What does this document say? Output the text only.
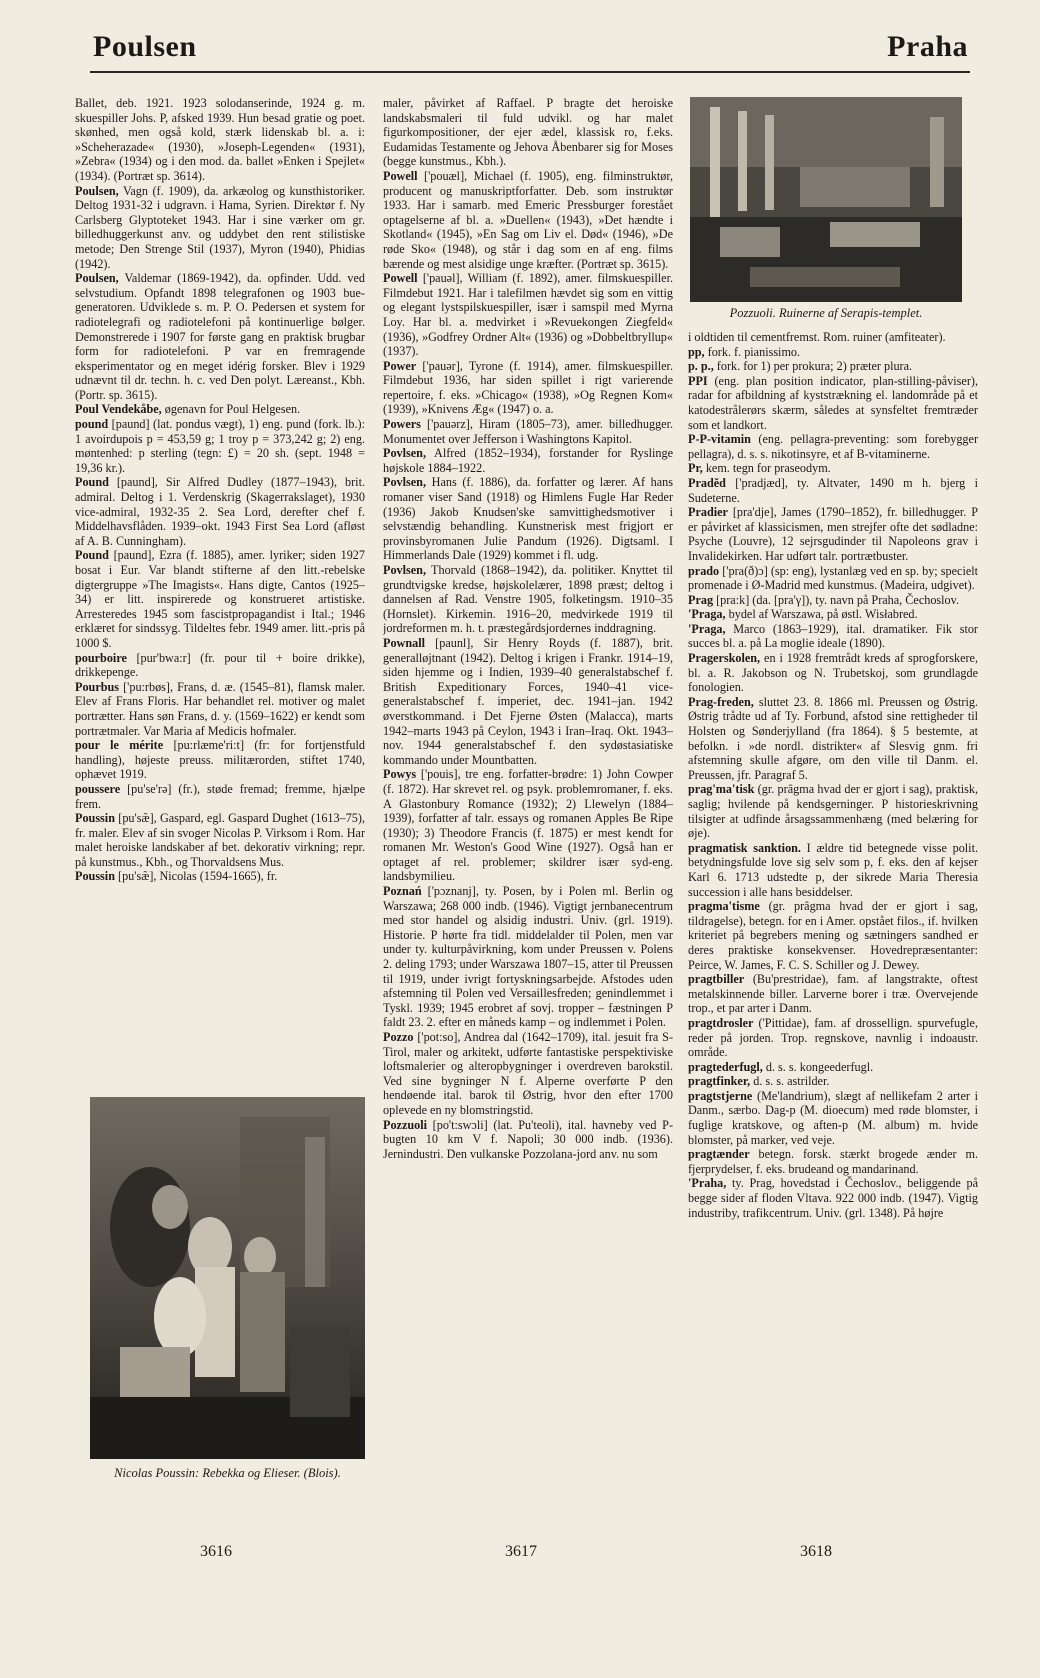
Poulsen	Praha

Ballet, deb. 1921. 1923 solodanserinde, 1924 g. m. skuespiller Johs. P, afsked 1939. Hun besad gratie og poet. skønhed, men også kold, stærk lidenskab bl. a. i: »Scheherazade« (1930), »Joseph-Legenden« (1931), »Zebra« (1934) og i den mod. da. ballet »Enken i Spejlet« (1934). (Portræt sp. 3614).

Poulsen, Vagn (f. 1909), da. arkæolog og kunsthistoriker. Deltog 1931-32 i udgravn. i Hama, Syrien. Direktør f. Ny Carlsberg Glyptoteket 1943. Har i sine værker om gr. billedhuggerkunst anv. og uddybet den rent stilistiske metode; Den Strenge Stil (1937), Myron (1940), Phidias (1942).

Poulsen, Valdemar (1869-1942), da. opfinder. Udd. ved selvstudium. Opfandt 1898 telegrafonen og 1903 bue-generatoren. Udviklede s. m. P. O. Pedersen et system for radiotelegrafi og radiotelefoni på kontinuerlige bølger. Demonstrerede i 1907 for første gang en praktisk brugbar form for radiotelefoni. P var en fremragende eksperimentator og en meget idérig forsker. Blev i 1929 udnævnt til dr. techn. h. c. ved Den polyt. Læreanst., Kbh. (Portr. sp. 3615).

Poul Vendekåbe, øgenavn for Poul Helgesen.

pound [paund] (lat. pondus vægt), 1) eng. pund (fork. lb.): 1 avoirdupois p = 453,59 g; 1 troy p = 373,242 g; 2) eng. møntenhed: p sterling (tegn: £) = 20 sh. (sept. 1948 = 19,36 kr.).

Pound [paund], Sir Alfred Dudley (1877–1943), brit. admiral. Deltog i 1. Verdenskrig (Skagerrakslaget), 1930 vice-admiral, 1932-35 2. Sea Lord, derefter chef f. Middelhavsflåden. 1939–okt. 1943 First Sea Lord (afløst af A. B. Cunningham).

Pound [paund], Ezra (f. 1885), amer. lyriker; siden 1927 bosat i Eur. Var blandt stifterne af den litt.-rebelske digtergruppe »The Imagists«. Hans digte, Cantos (1925–34) er litt. inspirerede og konstrueret artistiske. Arresteredes 1945 som fascistpropagandist i Ital.; 1946 erklæret for sindssyg. Tildeltes febr. 1949 amer. litt.-pris på 1000 $.

pourboire [pur'bwa:r] (fr. pour til + boire drikke), drikkepenge.

Pourbus ['pu:rbøs], Frans, d. æ. (1545–81), flamsk maler. Elev af Frans Floris. Har behandlet rel. motiver og malet portrætter. Hans søn Frans, d. y. (1569–1622) er kendt som portrætmaler. Var Maria af Medicis hofmaler.

pour le mérite [pu:rlæme'ri:t] (fr: for fortjenstfuld handling), højeste preuss. militærorden, stiftet 1740, ophævet 1919.

poussere [pu'se'rə] (fr.), støde fremad; fremme, hjælpe frem.

Poussin [pu'sæ̃], Gaspard, egl. Gaspard Dughet (1613–75), fr. maler. Elev af sin svoger Nicolas P. Virksom i Rom. Har malet heroiske landskaber af bet. dekorativ virkning; repr. på kunstmus., Kbh., og Thorvaldsens Mus.

Poussin [pu'sæ̃], Nicolas (1594-1665), fr.

maler, påvirket af Raffael. P bragte det heroiske landskabsmaleri til fuld udvikl. og har malet figurkompositioner, der ejer ædel, klassisk ro, f.eks. Eudamidas Testamente og Jehova Åbenbarer sig for Moses (begge kunstmus., Kbh.).

Powell ['pouæl], Michael (f. 1905), eng. filminstruktør, producent og manuskriptforfatter. Deb. som instruktør 1933. Har i samarb. med Emeric Pressburger forestået optagelserne af bl. a. »Duellen« (1943), »Det hændte i Skotland« (1945), »En Sag om Liv el. Død« (1946), »De røde Sko« (1948), og står i dag som en af eng. films bærende og mest alsidige unge kræfter. (Portræt sp. 3615).

Powell ['pauəl], William (f. 1892), amer. filmskuespiller. Filmdebut 1921. Har i talefilmen hævdet sig som en vittig og elegant lystspilskuespiller, især i samspil med Myrna Loy. Har bl. a. medvirket i »Revuekongen Ziegfeld« (1936), »Godfrey Ordner Alt« (1936) og »Dobbeltbryllup« (1937).

Power ['pauər], Tyrone (f. 1914), amer. filmskuespiller. Filmdebut 1936, har siden spillet i rigt varierende repertoire, f. eks. »Chicago« (1938), »Og Regnen Kom« (1939), »Knivens Æg« (1947) o. a.

Powers ['pauərz], Hiram (1805–73), amer. billedhugger. Monumentet over Jefferson i Washingtons Kapitol.

Povlsen, Alfred (1852–1934), forstander for Ryslinge højskole 1884–1922.

Povlsen, Hans (f. 1886), da. forfatter og lærer. Af hans romaner viser Sand (1918) og Himlens Fugle Har Reder (1936) Jakob Knudsen'ske samvittighedsmotiver i selvstændig behandling. Kunstnerisk mest frigjort er provinsbyromanen Julie Pandum (1926). Digtsaml. I Himmerlands Dale (1929) kommet i fl. udg.

Povlsen, Thorvald (1868–1942), da. politiker. Knyttet til grundtvigske kredse, højskolelærer, 1898 præst; deltog i dannelsen af Rad. Venstre 1905, folketingsm. 1910–35 (Hornslet). Kirkemin. 1916–20, medvirkede 1919 til jordreformen m. h. t. præstegårdsjordernes inddragning.

Pownall [pаunl], Sir Henry Royds (f. 1887), brit. generalløjtnant (1942). Deltog i krigen i Frankr. 1914–19, siden hjemme og i Indien, 1939–40 generalstabschef f. British Expeditionary Forces, 1940–41 vice-generalstabschef f. imperiet, dec. 1941–jan. 1942 øverstkommand. i Det Fjerne Østen (Malacca), marts 1942–marts 1943 på Ceylon, 1943 i Iran–Iraq. Okt. 1943–nov. 1944 generalstabschef f. den sydøstasiatiske kommando under Mountbatten.

Powys ['pouis], tre eng. forfatter-brødre: 1) John Cowper (f. 1872). Har skrevet rel. og psyk. problemromaner, f. eks. A Glastonbury Romance (1932); 2) Llewelyn (1884–1939), forfatter af talr. essays og romanen Apples Be Ripe (1930); 3) Theodore Francis (f. 1875) er mest kendt for romanen Mr. Weston's Good Wine (1927). Også han er optaget af rel. problemer; skildrer især syd-eng. landsbymilieu.

Poznań ['pɔznanj], ty. Posen, by i Polen ml. Berlin og Warszawa; 268 000 indb. (1946). Vigtigt jernbanecentrum med stor handel og alsidig industri. Univ. (grl. 1919). Historie. P hørte fra tidl. middelalder til Polen, men var under ty. kulturpåvirkning, kom under Preussen v. Polens 2. deling 1793; under Warszawa 1807–15, atter til Preussen til 1919, under ivrigt fortyskningsarbejde. Afstodes uden afstemning til Polen ved Versaillesfreden; genindlemmet i Tyskl. 1939; 1945 erobret af sovj. tropper – fæstningen P faldt 23. 2. efter en måneds kamp – og indlemmet i Polen.

Pozzo ['pot:so], Andrea dal (1642–1709), ital. jesuit fra S-Tirol, maler og arkitekt, udførte fantastiske perspektiviske loftsmalerier og alteropbygninger i overdreven barokstil. Ved sine bygninger N f. Alperne overførte P den hendøende ital. barok til Østrig, hvor den efter 1700 oplevede en ny blomstringstid.

Pozzuoli [po't:swɔli] (lat. Pu'teoli), ital. havneby ved P-bugten 10 km V f. Napoli; 30 000 indb. (1936). Jernindustri. Den vulkanske Pozzolana-jord anv. nu som

i oldtiden til cementfremst. Rom. ruiner (amfiteater).

pp, fork. f. pianissimo.

p. p., fork. for 1) per prokura; 2) præter plura.

PPI (eng. plan position indicator, plan-stilling-påviser), radar for afbildning af kyststrækning el. landområde på et katodestrålerørs skærm, således at synsfeltet fremtræder som et landkort.

P-P-vitamin (eng. pellagra-preventing: som forebygger pellagra), d. s. s. nikotinsyre, et af B-vitaminerne.

Pr, kem. tegn for praseodym.

Pradĕd ['pradjæd], ty. Altvater, 1490 m h. bjerg i Sudeterne.

Pradier [pra'dje], James (1790–1852), fr. billedhugger. P er påvirket af klassicismen, men strejfer ofte det sødladne: Psyche (Louvre), 12 sejrsgudinder til Napoleons grav i Invalidekirken. Har udført talr. portrætbuster.

prado ['pra(ð)ɔ] (sp: eng), lystanlæg ved en sp. by; specielt promenade i Ø-Madrid med kunstmus. (Madeira, udgivet).

Prag [pra:k] (da. [pra'γ]), ty. navn på Praha, Čechoslov.

'Praga, bydel af Warszawa, på østl. Wisłabred.

'Praga, Marco (1863–1929), ital. dramatiker. Fik stor succes bl. a. på La moglie ideale (1890).

Pragerskolen, en i 1928 fremtrådt kreds af sprogforskere, bl. a. R. Jakobson og N. Trubetskoj, som grundlagde fonologien.

Prag-freden, sluttet 23. 8. 1866 ml. Preussen og Østrig. Østrig trådte ud af Ty. Forbund, afstod sine rettigheder til Holsten og Sønderjylland (fra 1864). § 5 bestemte, at befolkn. i »de nordl. distrikter« af Slesvig gnm. fri afstemning skulle afgøre, om den ville til Danm. el. Preussen, jfr. Paragraf 5.

prag'ma'tisk (gr. prâgma hvad der er gjort i sag), praktisk, saglig; hvilende på kendsgerninger. P historieskrivning tilsigter at udfinde årsagssammenhæng (med belæring for øje).

pragmatisk sanktion. I ældre tid betegnede visse polit. betydningsfulde love sig selv som p, f. eks. den af kejser Karl 6. 1713 udstedte p, der sikrede Maria Theresia succession i alle hans besiddelser.

pragma'tisme (gr. prâgma hvad der er gjort i sag, tildragelse), betegn. for en i Amer. opstået filos., if. hvilken kriteriet på begrebers mening og sætningers sandhed er deres praktiske konsekvenser. Hovedrepræsentanter: Peirce, W. James, F. C. S. Schiller og J. Dewey.

pragtbiller (Bu'prestridae), fam. af langstrakte, oftest metalskinnende biller. Larverne borer i træ. Overvejende trop., et par arter i Danm.

pragtdrosler ('Pittidae), fam. af drossellign. spurvefugle, reder på jorden. Trop. regnskove, navnlig i indoaustr. område.

pragtederfugl, d. s. s. kongeederfugl.

pragtfinker, d. s. s. astrilder.

pragtstjerne (Me'landrium), slægt af nellikefam 2 arter i Danm., særbo. Dag-p (M. dioecum) med røde blomster, i fuglige kratskove, og aften-p (M. album) m. hvide blomster, på marker, ved veje.

pragtænder betegn. forsk. stærkt brogede ænder m. fjerprydelser, f. eks. brudeand og mandarinand.

'Praha, ty. Prag, hovedstad i Čechoslov., beliggende på begge sider af floden Vltava. 922 000 indb. (1947). Vigtig industriby, trafikcentrum. Univ. (grl. 1348). På højre

Nicolas Poussin: Rebekka og Elieser. (Blois).
Pozzuoli. Ruinerne af Serapis-templet.
3616	3617	3618
